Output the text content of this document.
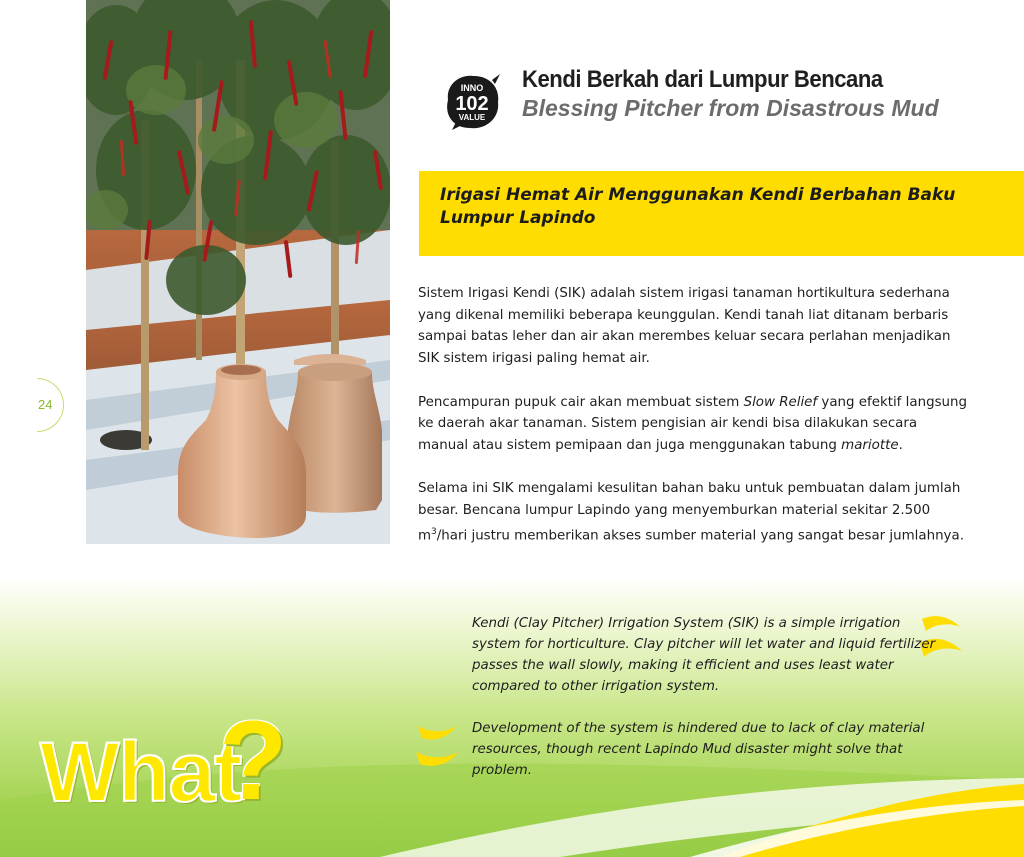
24
INNO
102
VALUE
Kendi Berkah dari Lumpur Bencana
Blessing Pitcher from Disastrous Mud
Irigasi Hemat Air Menggunakan Kendi Berbahan Baku Lumpur Lapindo

Sistem Irigasi Kendi (SIK) adalah sistem irigasi tanaman hortikultura sederhana yang dikenal memiliki beberapa keunggulan. Kendi tanah liat ditanam berbaris sampai batas leher dan air akan merembes keluar secara perlahan menjadikan SIK sistem irigasi paling hemat air.

Pencampuran pupuk cair akan membuat sistem Slow Relief yang efektif langsung ke daerah akar tanaman. Sistem pengisian air kendi bisa dilakukan secara manual atau sistem pemipaan dan juga menggunakan tabung mariotte.

Selama ini SIK mengalami kesulitan bahan baku untuk pembuatan dalam jumlah besar. Bencana lumpur Lapindo yang menyemburkan material sekitar 2.500 $m^3$/hari justru memberikan akses sumber material yang sangat besar jumlahnya.

Kendi (Clay Pitcher) Irrigation System (SIK) is a simple irrigation system for horticulture. Clay pitcher will let water and liquid fertilizer passes the wall slowly, making it efficient and uses least water compared to other irrigation system.

Development of the system is hindered due to lack of clay material resources, though recent Lapindo Mud disaster might solve that problem.

What
?
